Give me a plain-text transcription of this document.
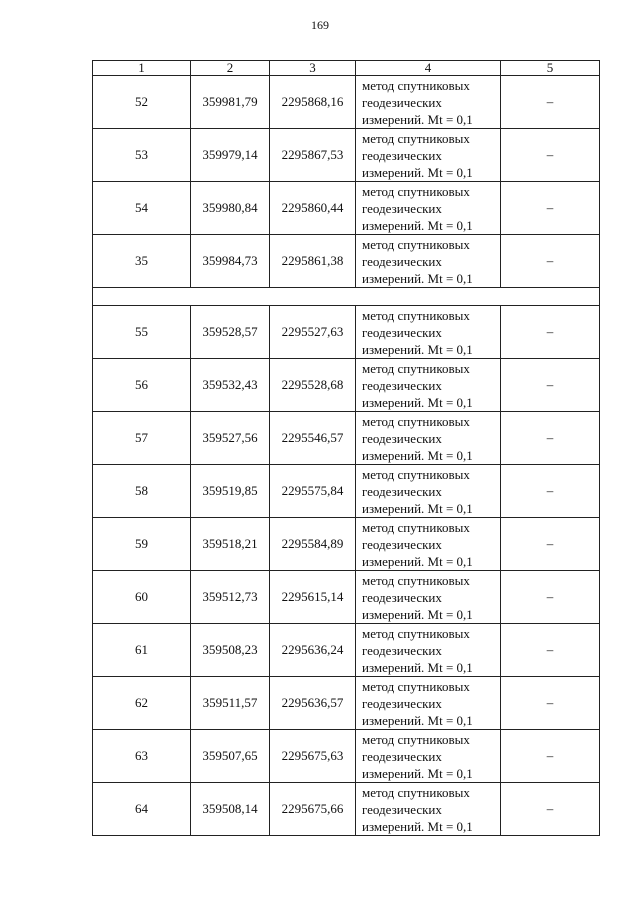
169
1	2	3	4	5
52	359981,79	2295868,16	метод спутниковых
геодезических
измерений. Mt = 0,1	–
53	359979,14	2295867,53	метод спутниковых
геодезических
измерений. Mt = 0,1	–
54	359980,84	2295860,44	метод спутниковых
геодезических
измерений. Mt = 0,1	–
35	359984,73	2295861,38	метод спутниковых
геодезических
измерений. Mt = 0,1	–

55	359528,57	2295527,63	метод спутниковых
геодезических
измерений. Mt = 0,1	–
56	359532,43	2295528,68	метод спутниковых
геодезических
измерений. Mt = 0,1	–
57	359527,56	2295546,57	метод спутниковых
геодезических
измерений. Mt = 0,1	–
58	359519,85	2295575,84	метод спутниковых
геодезических
измерений. Mt = 0,1	–
59	359518,21	2295584,89	метод спутниковых
геодезических
измерений. Mt = 0,1	–
60	359512,73	2295615,14	метод спутниковых
геодезических
измерений. Mt = 0,1	–
61	359508,23	2295636,24	метод спутниковых
геодезических
измерений. Mt = 0,1	–
62	359511,57	2295636,57	метод спутниковых
геодезических
измерений. Mt = 0,1	–
63	359507,65	2295675,63	метод спутниковых
геодезических
измерений. Mt = 0,1	–
64	359508,14	2295675,66	метод спутниковых
геодезических
измерений. Mt = 0,1	–
